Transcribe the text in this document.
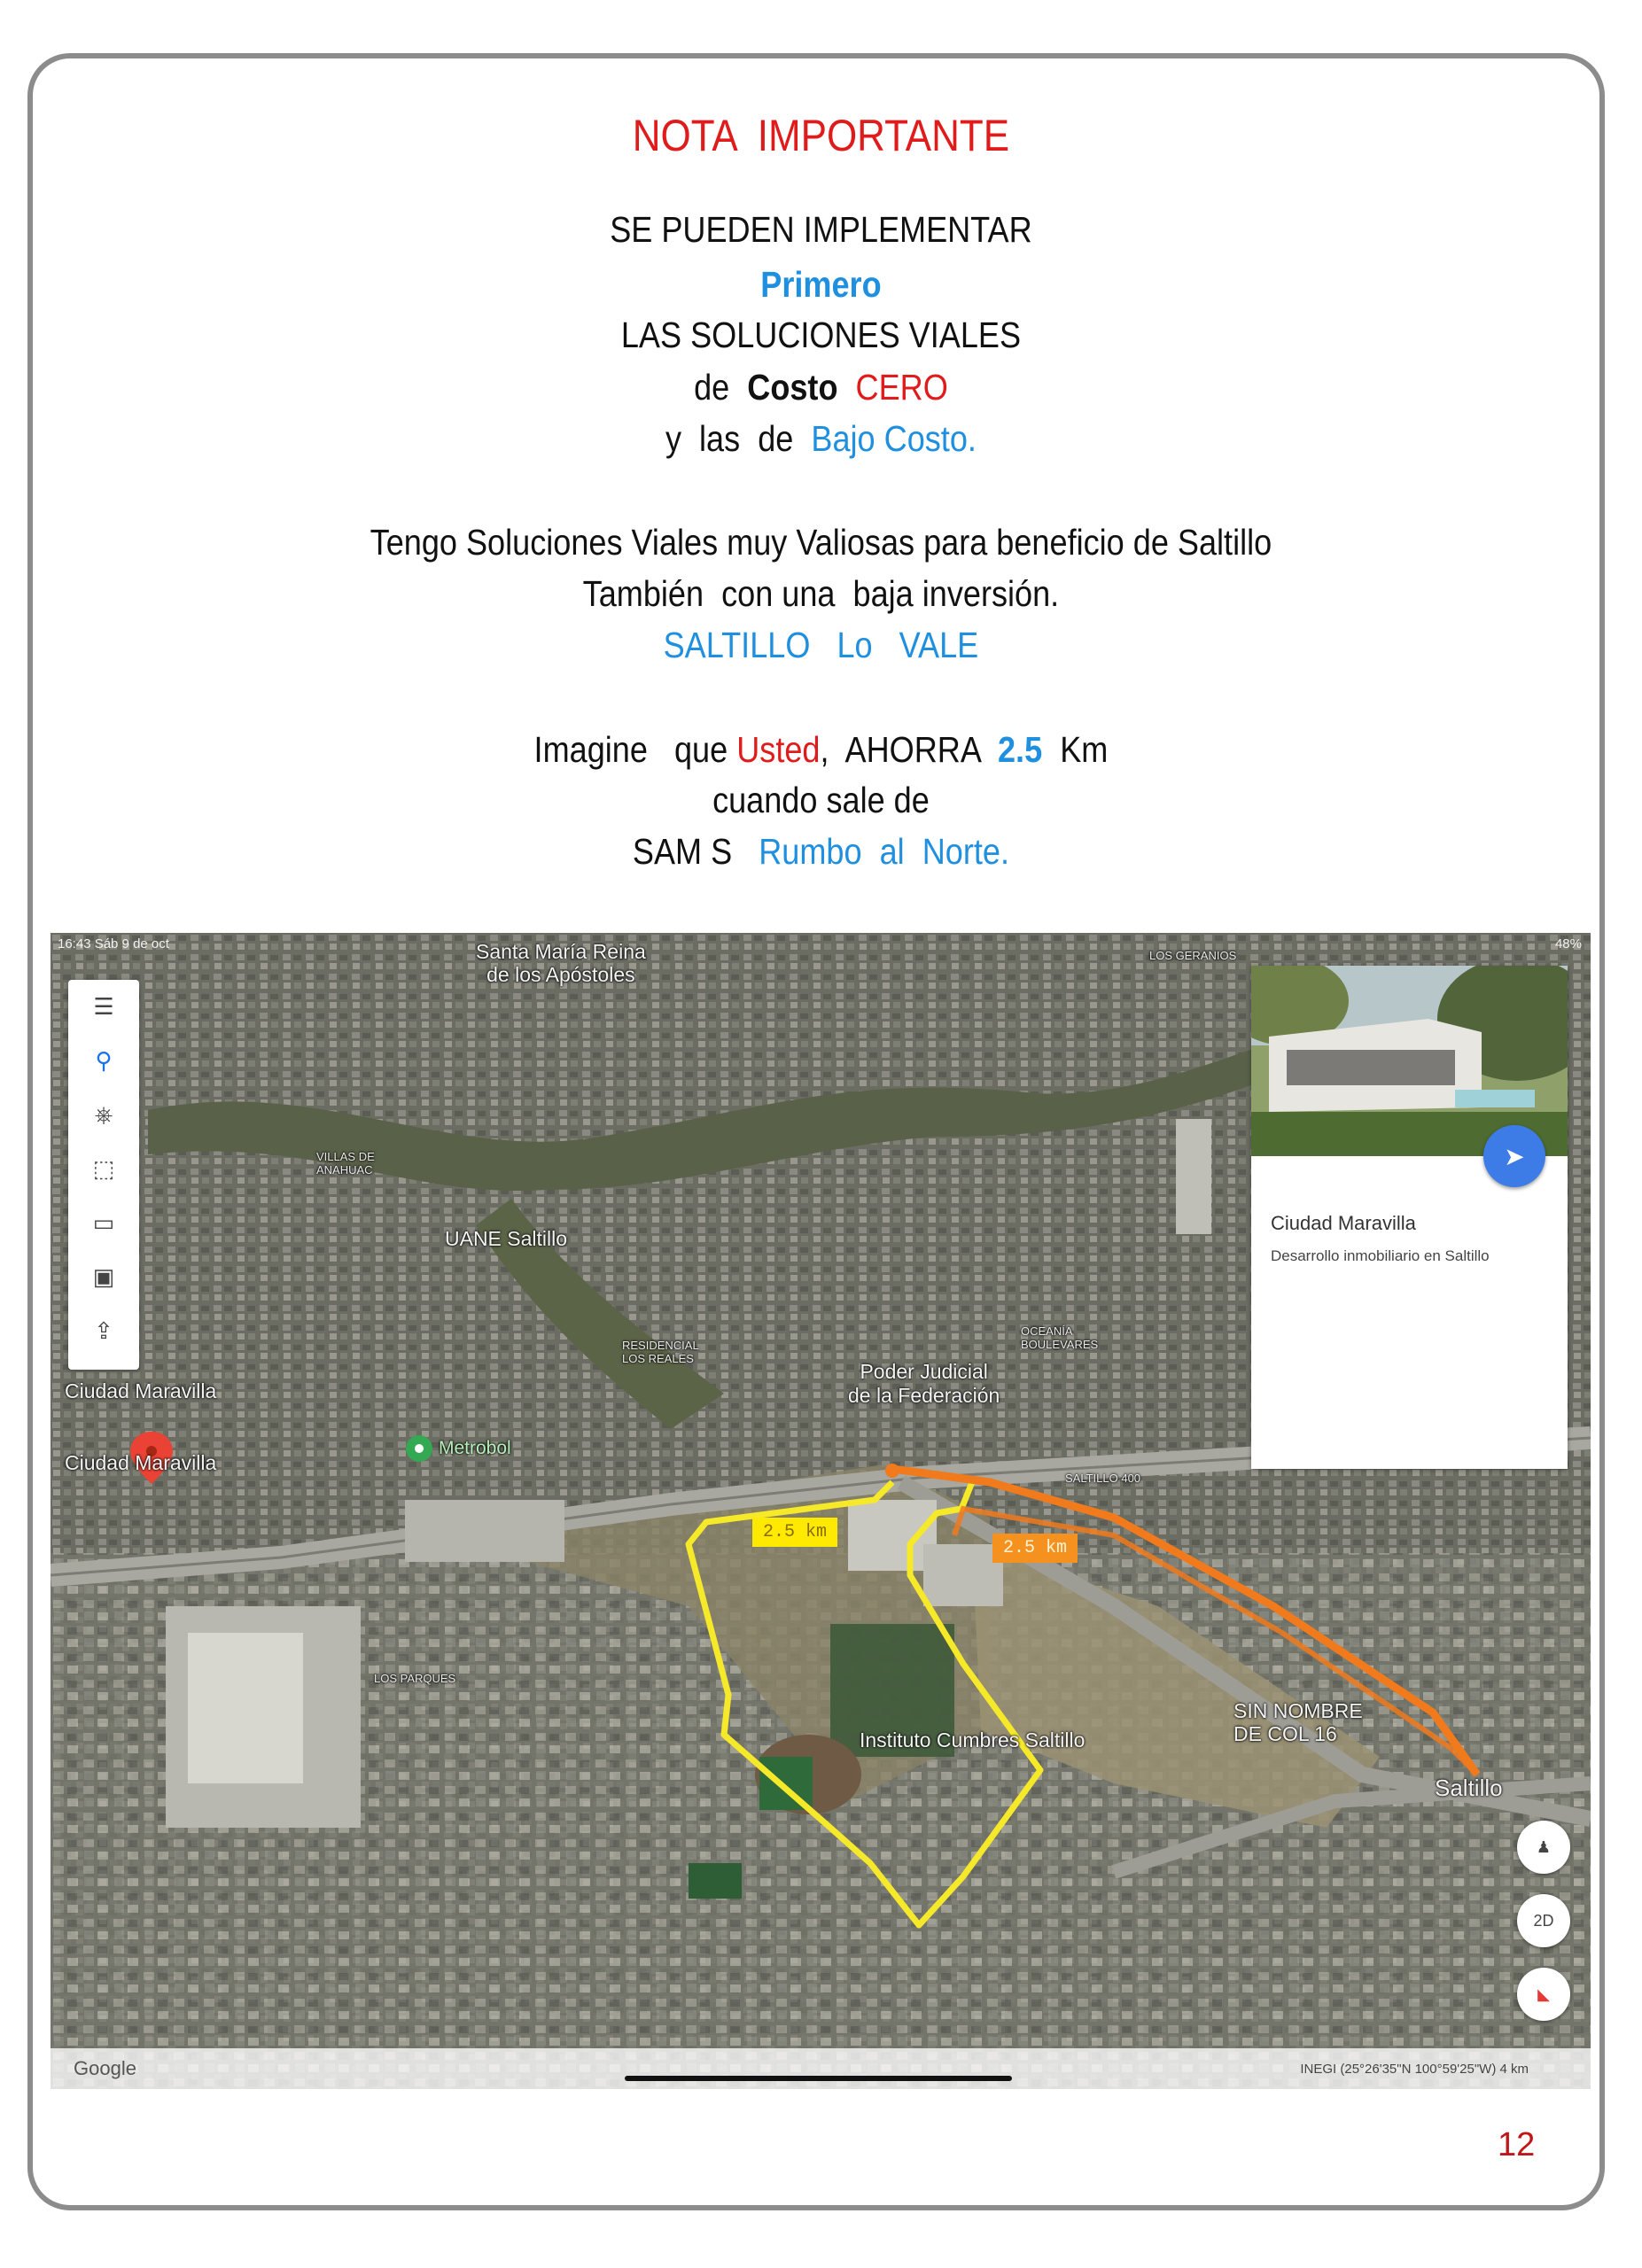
NOTA  IMPORTANTE
SE PUEDEN IMPLEMENTAR
Primero
LAS SOLUCIONES VIALES
de  Costo  CERO
y  las  de  Bajo Costo.
Tengo Soluciones Viales muy Valiosas para beneficio de Saltillo
También  con una  baja inversión.
SALTILLO   Lo   VALE
Imagine   que Usted,  AHORRA  2.5  Km
cuando sale de
SAM S   Rumbo  al  Norte.
16:43 Sáb 9 de oct	48%
Santa María Reina
de los Apóstoles
UANE Saltillo
Ciudad Maravilla
Ciudad Maravilla
Metrobol
Poder Judicial
de la Federación
Instituto Cumbres Saltillo
SIN NOMBRE
DE COL 16
Saltillo
LOS GERANIOS
LOS PARQUES
OCEANÍA
BOULEVARES
VILLAS DE
ANAHUAC
RESIDENCIAL
LOS REALES
SALTILLO 400
2.5 km
2.5 km
☰
⚲
⎈
⬚
▭
▣
⇪
➤
Ciudad Maravilla
Desarrollo inmobiliario en Saltillo
♟
2D
◣
Google	INEGI (25°26'35"N 100°59'25"W) 4 km
12
